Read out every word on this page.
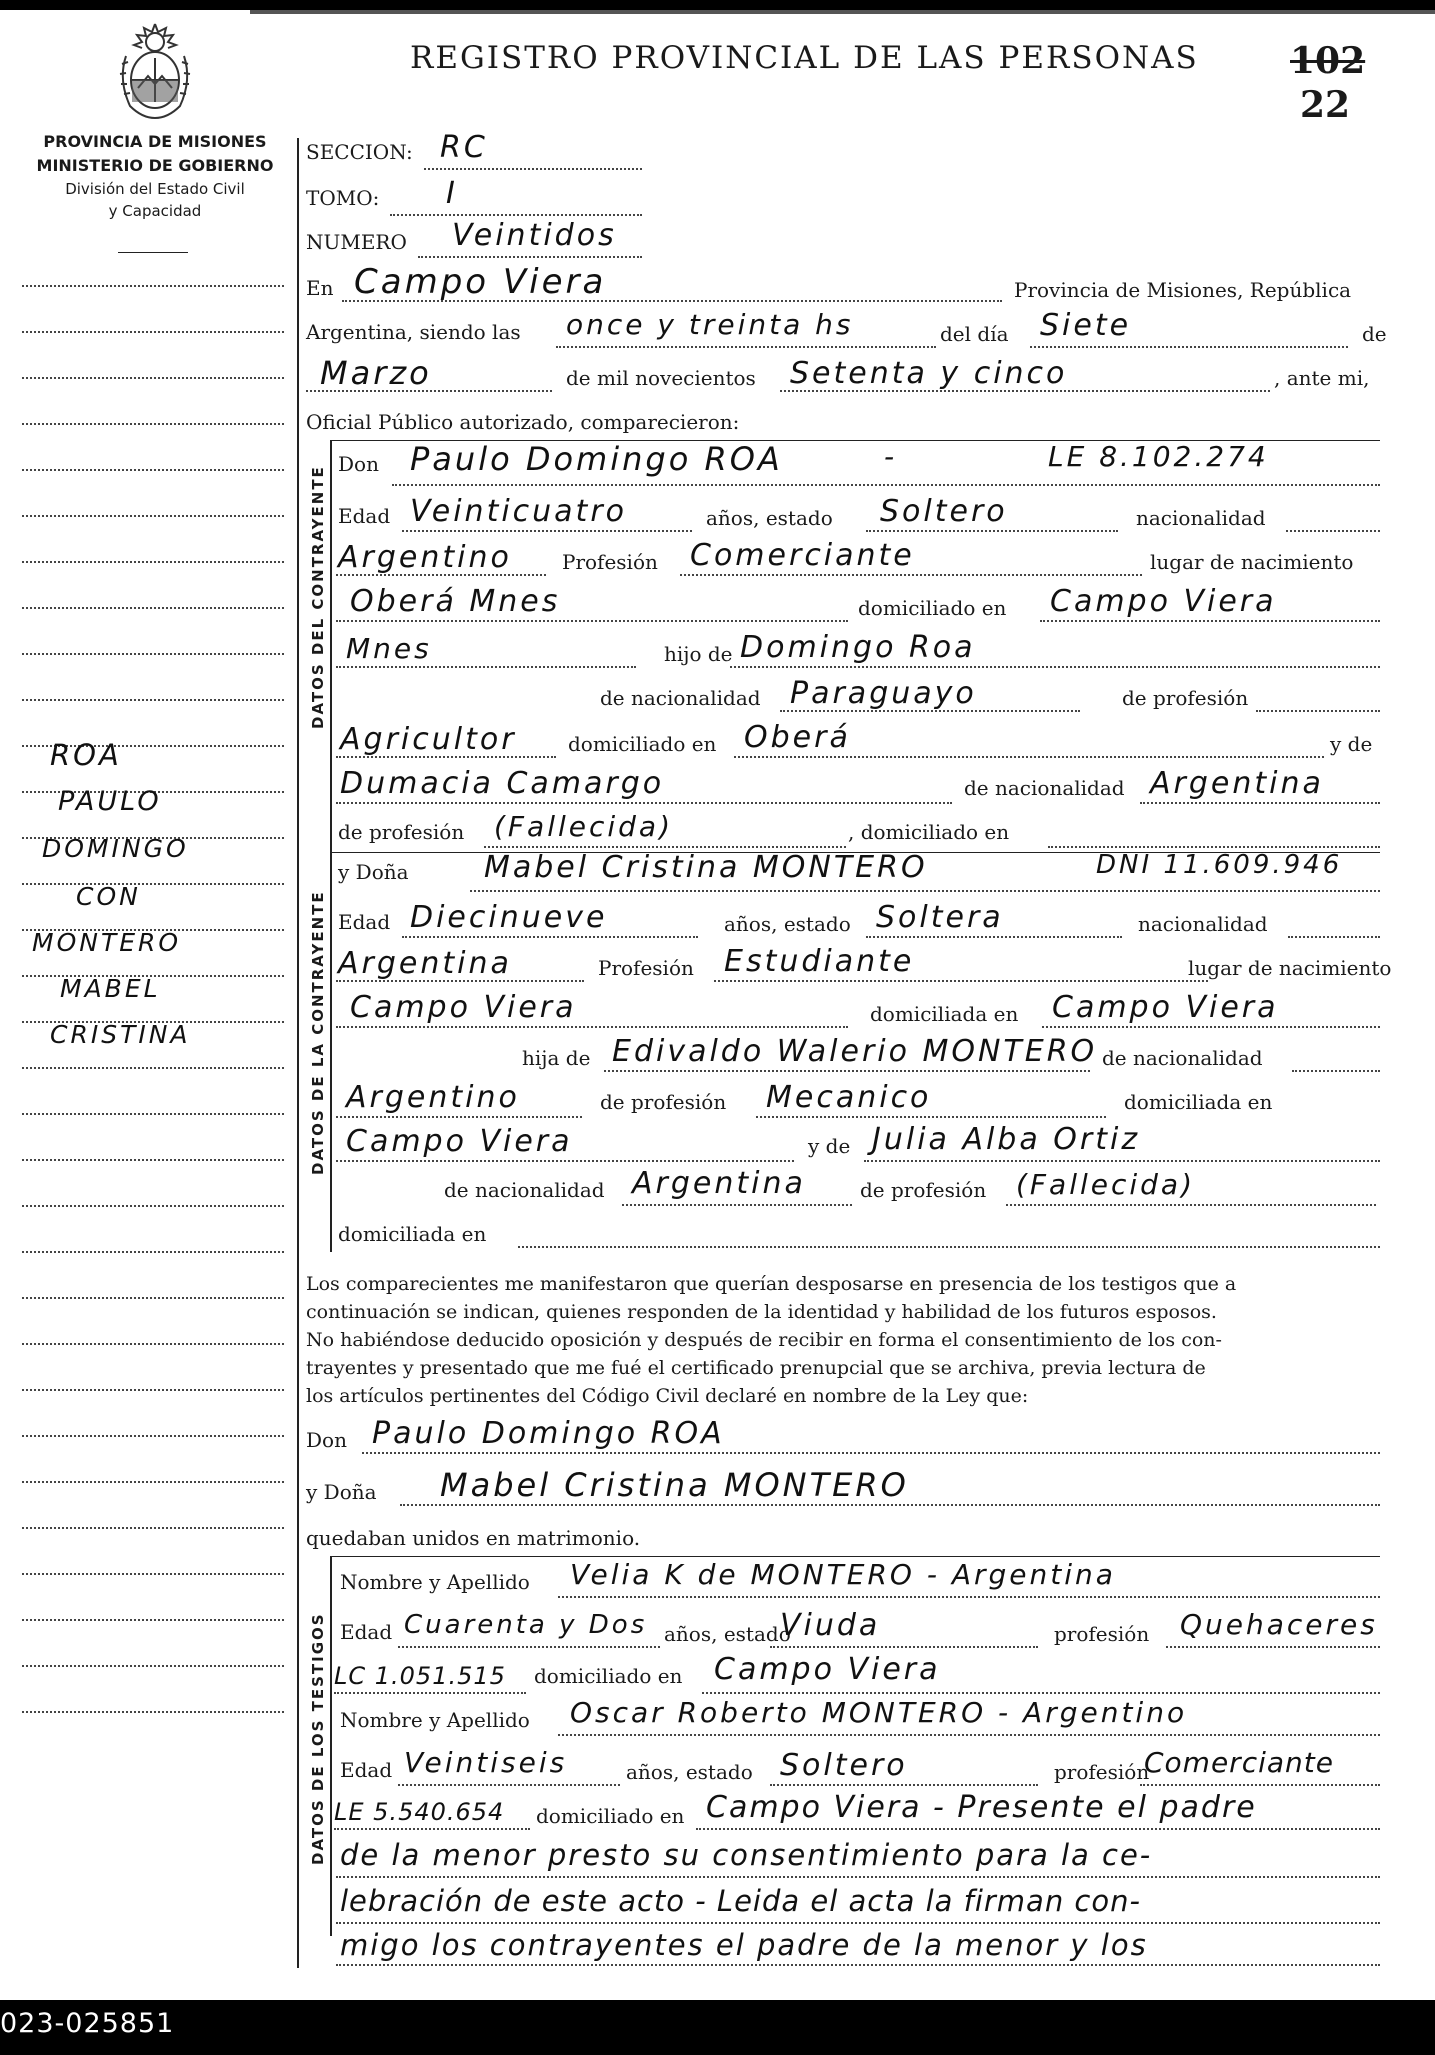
REGISTRO PROVINCIAL DE LAS PERSONAS	102
22
PROVINCIA DE MISIONES
MINISTERIO DE GOBIERNO
División del Estado Civil
y Capacidad
ROA
PAULO
DOMINGO
CON
MONTERO
MABEL
CRISTINA
SECCION: RC
TOMO: I
NUMERO Veintidos
En Campo Viera	Provincia de Misiones, República
Argentina, siendo las once y treinta hs	del día Siete	de
Marzo	de mil novecientos Setenta y cinco	, ante mi,
Oficial Público autorizado, comparecieron:
DATOS DEL CONTRAYENTE
Don Paulo Domingo ROA	LE 8.102.274
-
Edad Veinticuatro	años, estado Soltero	nacionalidad
Argentino	Profesión Comerciante	lugar de nacimiento
Oberá Mnes	domiciliado en Campo Viera
Mnes	hijo de Domingo Roa
de nacionalidad Paraguayo	de profesión
Agricultor	domiciliado en Oberá	y de
Dumacia Camargo	de nacionalidad Argentina
de profesión (Fallecida)	, domiciliado en
DATOS DE LA CONTRAYENTE
y Doña	Mabel Cristina MONTERO	DNI 11.609.946
Edad Diecinueve	años, estado Soltera	nacionalidad
Argentina	Profesión Estudiante	lugar de nacimiento
Campo Viera	domiciliada en Campo Viera
hija de Edivaldo Walerio MONTERO de nacionalidad
Argentino	de profesión Mecanico	domiciliada en
Campo Viera	y de Julia Alba Ortiz
de nacionalidad Argentina	de profesión (Fallecida)
domiciliada en
Los comparecientes me manifestaron que querían desposarse en presencia de los testigos que a
continuación se indican, quienes responden de la identidad y habilidad de los futuros esposos.
No habiéndose deducido oposición y después de recibir en forma el consentimiento de los con-
trayentes y presentado que me fué el certificado prenupcial que se archiva, previa lectura de
los artículos pertinentes del Código Civil declaré en nombre de la Ley que:
Don Paulo Domingo ROA
y Doña Mabel Cristina MONTERO
quedaban unidos en matrimonio.
DATOS DE LOS TESTIGOS
Nombre y Apellido Velia K de MONTERO - Argentina
Edad Cuarenta y Dos años, estado
Viuda	profesión Quehaceres
LC 1.051.515 domiciliado en Campo Viera
Nombre y Apellido Oscar Roberto MONTERO - Argentino
Edad Veintiseis	años, estado Soltero	profesión
Comerciante
LE 5.540.654 domiciliado en Campo Viera - Presente el padre
de la menor presto su consentimiento para la ce-
lebración de este acto - Leida el acta la firman con-
migo los contrayentes el padre de la menor y los
023-025851
